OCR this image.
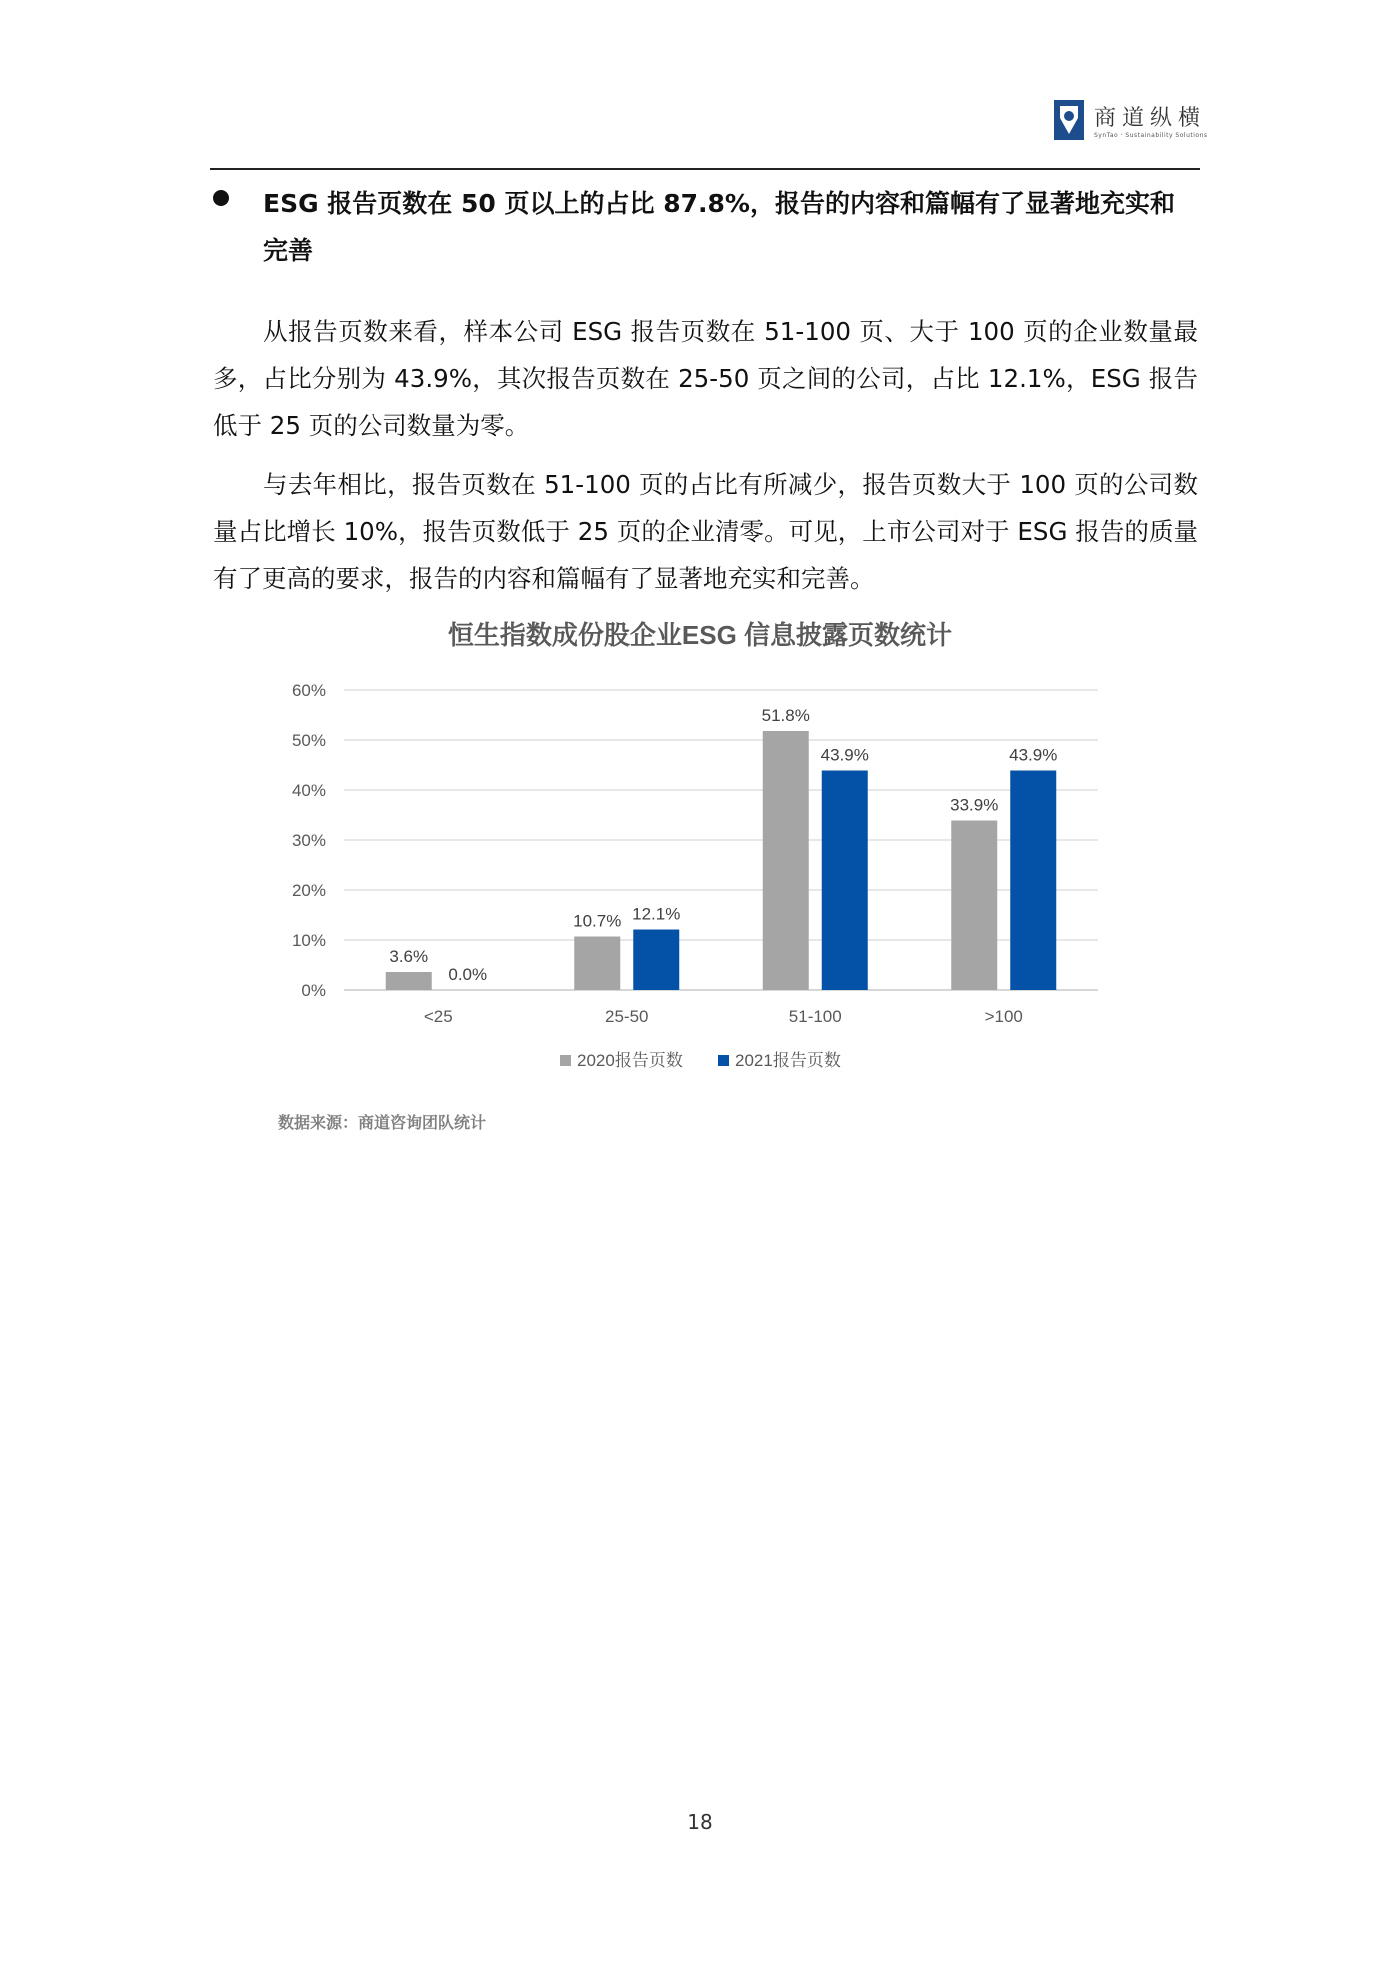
商道纵横
SynTao · Sustainability Solutions
ESG 报告页数在 50 页以上的占比 87.8%，报告的内容和篇幅有了显著地充实和完善

从报告页数来看，样本公司 ESG 报告页数在 51-100 页、大于 100 页的企业数量最多，占比分别为 43.9%，其次报告页数在 25-50 页之间的公司，占比 12.1%，ESG 报告低于 25 页的公司数量为零。

与去年相比，报告页数在 51-100 页的占比有所减少，报告页数大于 100 页的公司数量占比增长 10%，报告页数低于 25 页的企业清零。可见，上市公司对于 ESG 报告的质量有了更高的要求，报告的内容和篇幅有了显著地充实和完善。

恒生指数成份股企业ESG 信息披露页数统计
0%
10%
20%
30%
40%
50%
60%
3.6%
0.0%
<25
10.7% 12.1%
25-50
51.8%
43.9%
51-100
33.9%
43.9%
>100
2020报告页数	2021报告页数
数据来源：商道咨询团队统计
18
